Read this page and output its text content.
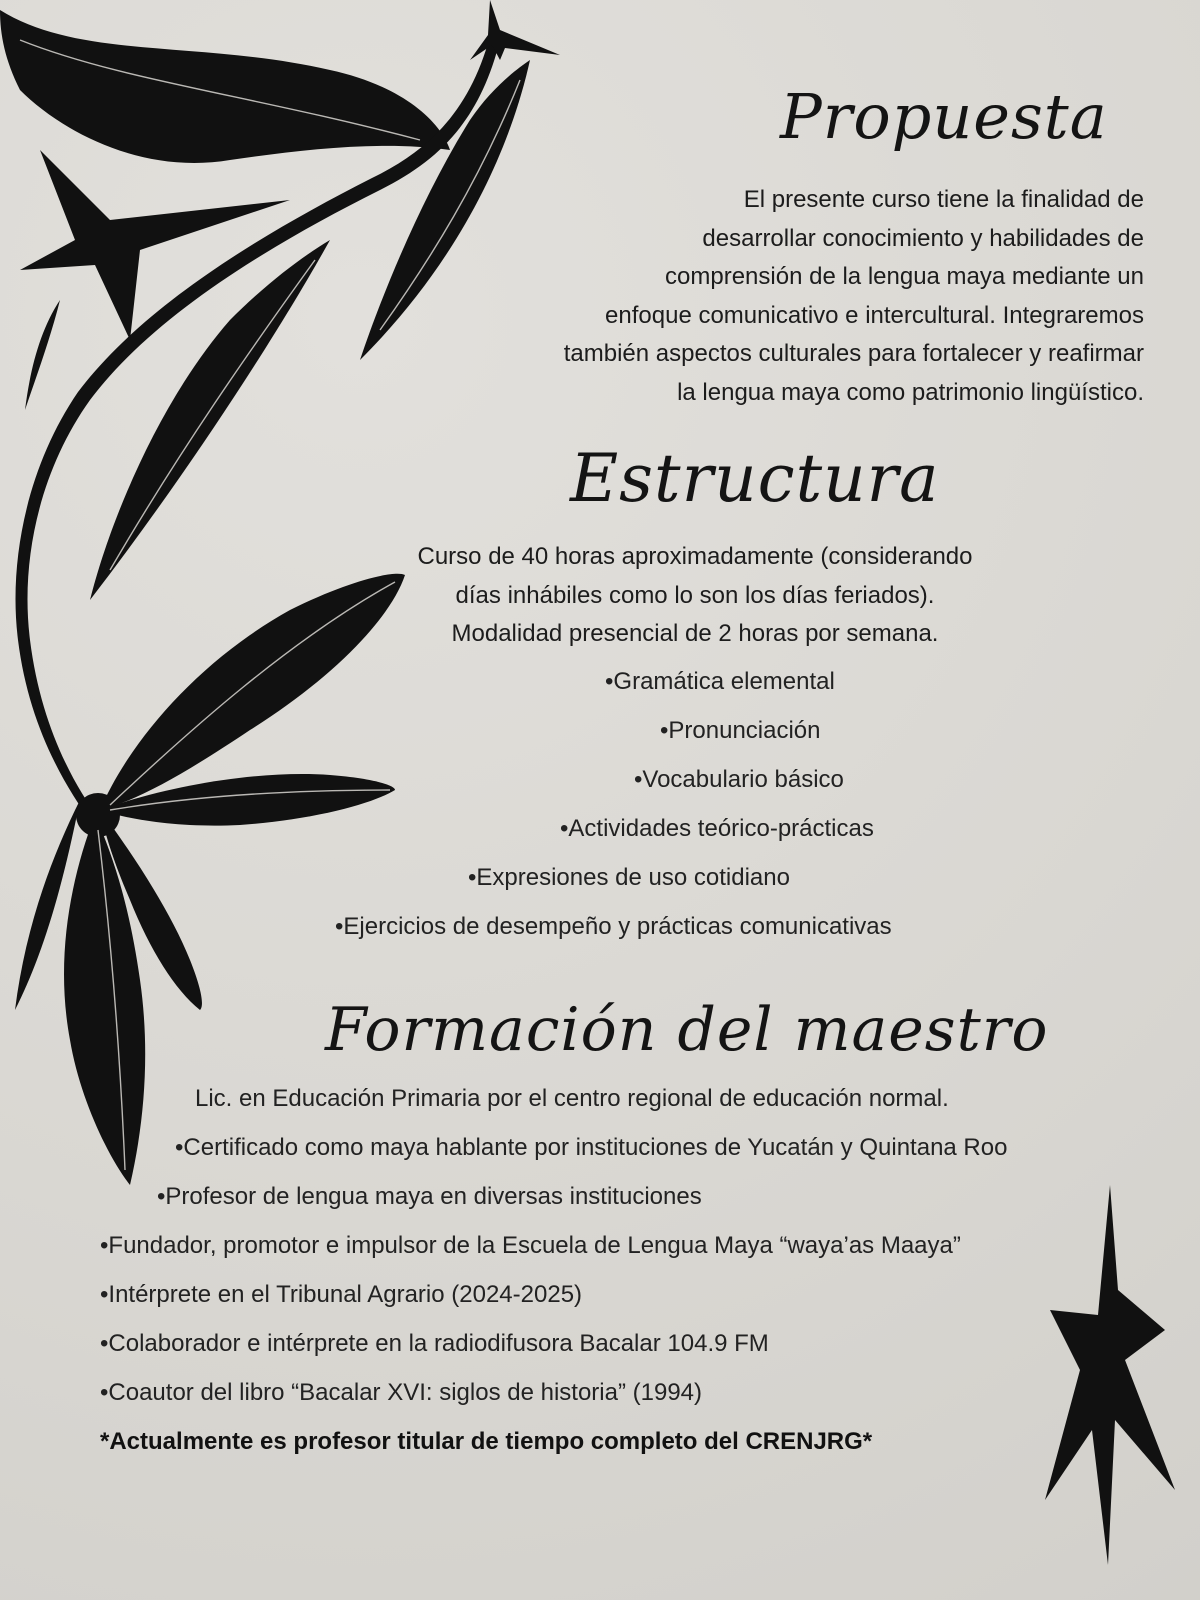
Propuesta
El presente curso tiene la finalidad de
desarrollar conocimiento y habilidades de
comprensión de la lengua maya mediante un
enfoque comunicativo e intercultural. Integraremos
también aspectos culturales para fortalecer y reafirmar
la lengua maya como patrimonio lingüístico.
Estructura
Curso de 40 horas aproximadamente (considerando
días inhábiles como lo son los días feriados).
Modalidad presencial de 2 horas por semana.

•Gramática elemental

•Pronunciación

•Vocabulario básico

•Actividades teórico-prácticas

•Expresiones de uso cotidiano

•Ejercicios de desempeño y prácticas comunicativas

Formación del maestro

Lic. en Educación Primaria por el centro regional de educación normal.

•Certificado como maya hablante por instituciones de Yucatán y Quintana Roo

•Profesor de lengua maya en diversas instituciones

•Fundador, promotor e impulsor de la Escuela de Lengua Maya “waya’as Maaya”

•Intérprete en el Tribunal Agrario (2024-2025)

•Colaborador e intérprete en la radiodifusora Bacalar 104.9 FM

•Coautor del libro “Bacalar XVI: siglos de historia” (1994)

*Actualmente es profesor titular de tiempo completo del CRENJRG*
